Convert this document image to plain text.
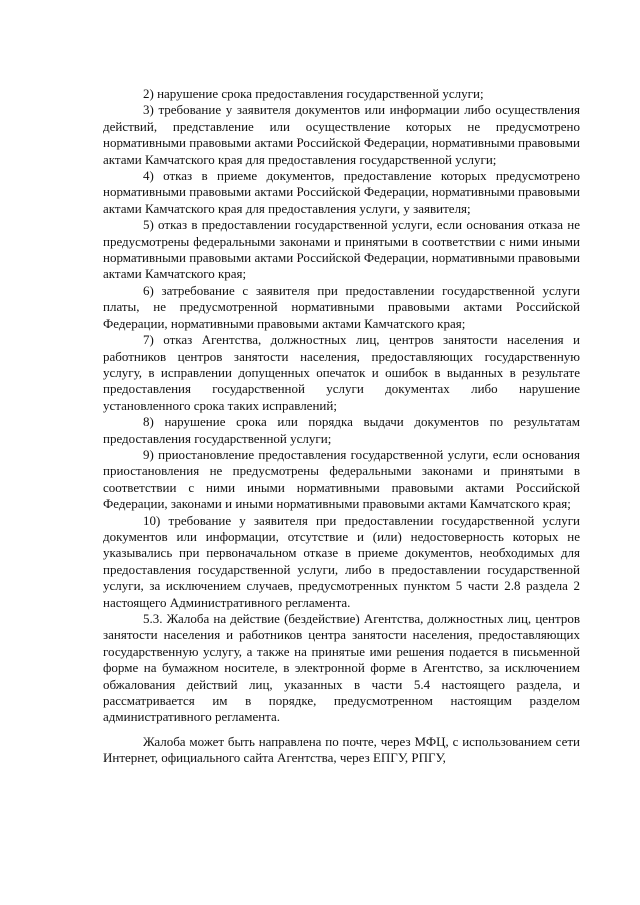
2) нарушение срока предоставления государственной услуги;

3) требование у заявителя документов или информации либо осуществления действий, представление или осуществление которых не предусмотрено нормативными правовыми актами Российской Федерации, нормативными правовыми актами Камчатского края для предоставления государственной услуги;

4) отказ в приеме документов, предоставление которых предусмотрено нормативными правовыми актами Российской Федерации, нормативными правовыми актами Камчатского края для предоставления услуги, у заявителя;

5) отказ в предоставлении государственной услуги, если основания отказа не предусмотрены федеральными законами и принятыми в соответствии с ними иными нормативными правовыми актами Российской Федерации, нормативными правовыми актами Камчатского края;

6) затребование с заявителя при предоставлении государственной услуги платы, не предусмотренной нормативными правовыми актами Российской Федерации, нормативными правовыми актами Камчатского края;

7) отказ Агентства, должностных лиц, центров занятости населения и работников центров занятости населения, предоставляющих государственную услугу, в исправлении допущенных опечаток и ошибок в выданных в результате предоставления государственной услуги документах либо нарушение установленного срока таких исправлений;

8) нарушение срока или порядка выдачи документов по результатам предоставления государственной услуги;

9) приостановление предоставления государственной услуги, если основания приостановления не предусмотрены федеральными законами и принятыми в соответствии с ними иными нормативными правовыми актами Российской Федерации, законами и иными нормативными правовыми актами Камчатского края;

10) требование у заявителя при предоставлении государственной услуги документов или информации, отсутствие и (или) недостоверность которых не указывались при первоначальном отказе в приеме документов, необходимых для предоставления государственной услуги, либо в предоставлении государственной услуги, за исключением случаев, предусмотренных пунктом 5 части 2.8 раздела 2 настоящего Административного регламента.

5.3. Жалоба на действие (бездействие) Агентства, должностных лиц, центров занятости населения и работников центра занятости населения, предоставляющих государственную услугу, а также на принятые ими решения подается в письменной форме на бумажном носителе, в электронной форме в Агентство, за исключением обжалования действий лиц, указанных в части 5.4 настоящего раздела, и рассматривается им в порядке, предусмотренном настоящим разделом административного регламента.

Жалоба может быть направлена по почте, через МФЦ, с использованием сети Интернет, официального сайта Агентства, через ЕПГУ, РПГУ,
